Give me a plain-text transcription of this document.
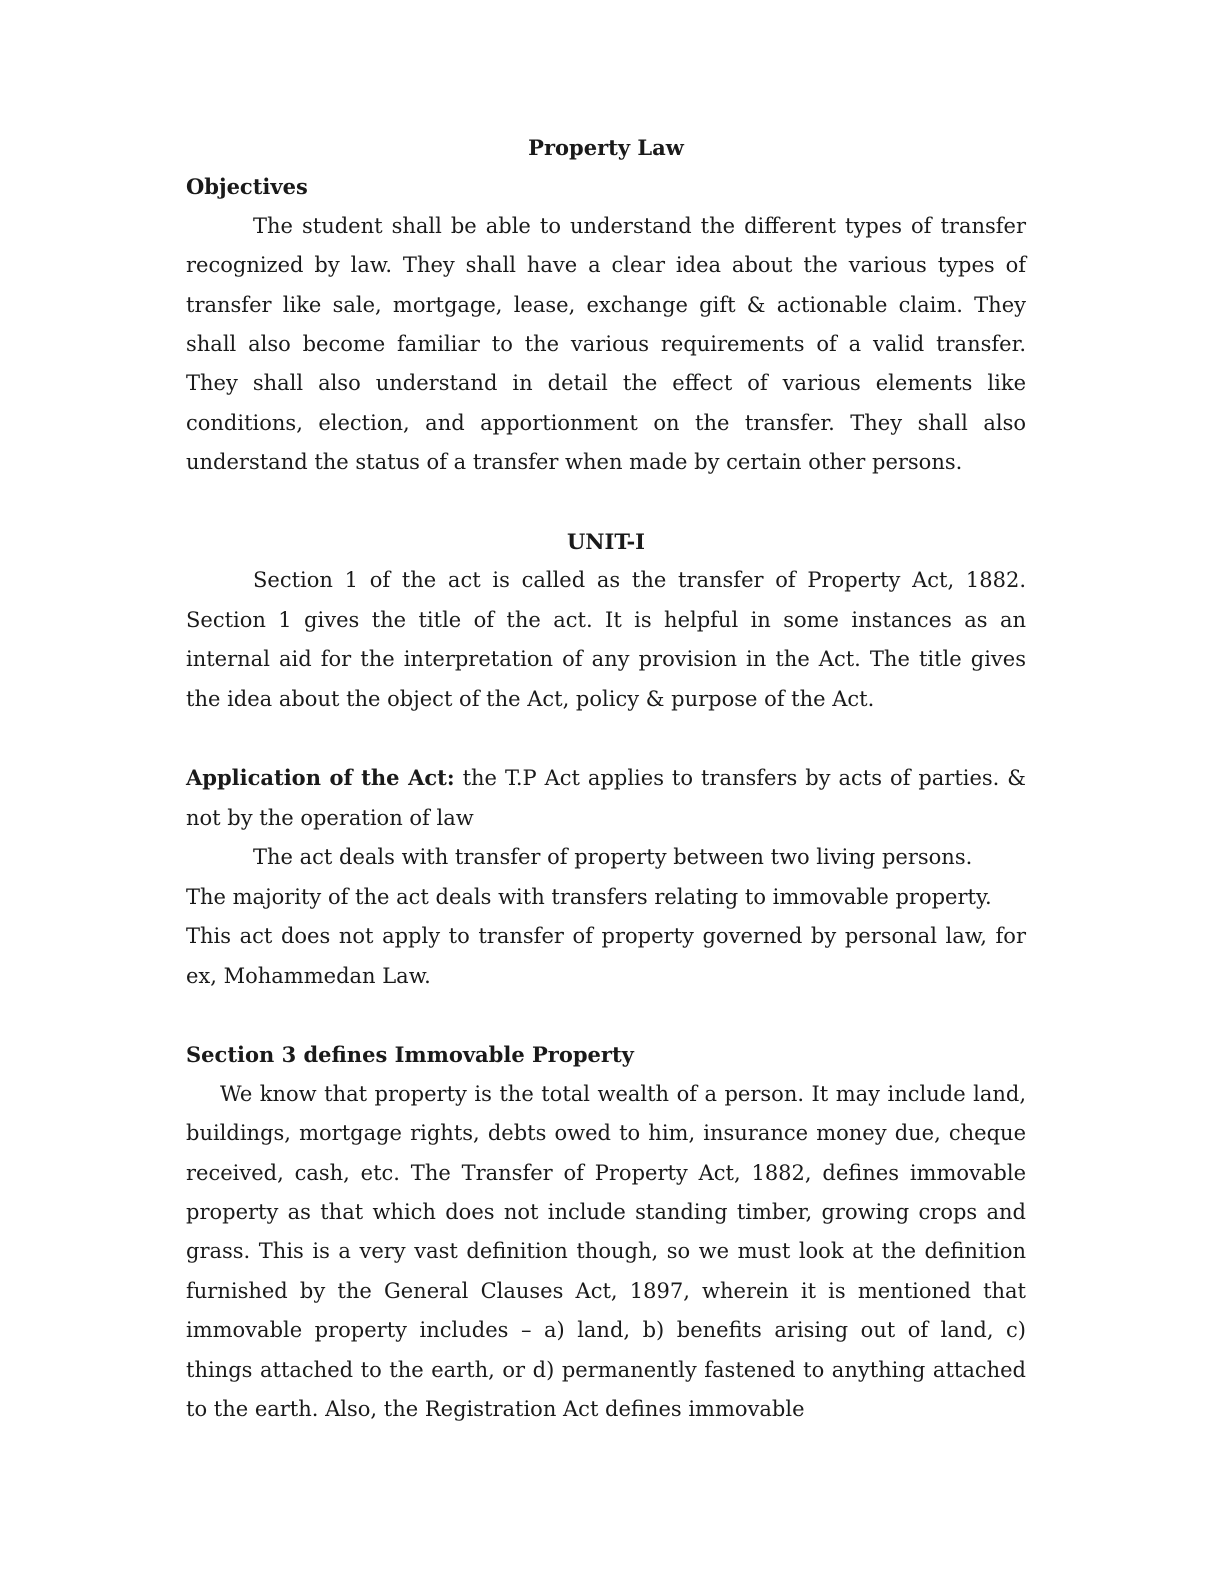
Property Law

Objectives

The student shall be able to understand the different types of transfer recognized by law. They shall have a clear idea about the various types of transfer like sale, mortgage, lease, exchange gift & actionable claim. They shall also become familiar to the various requirements of a valid transfer. They shall also understand in detail the effect of various elements like conditions, election, and apportionment on the transfer. They shall also understand the status of a transfer when made by certain other persons.

UNIT-I

Section 1 of the act is called as the transfer of Property Act, 1882. Section 1 gives the title of the act. It is helpful in some instances as an internal aid for the interpretation of any provision in the Act. The title gives the idea about the object of the Act, policy & purpose of the Act.

Application of the Act: the T.P Act applies to transfers by acts of parties. & not by the operation of law

The act deals with transfer of property between two living persons.

The majority of the act deals with transfers relating to immovable property.

This act does not apply to transfer of property governed by personal law, for ex, Mohammedan Law.

Section 3 defines Immovable Property

We know that property is the total wealth of a person. It may include land, buildings, mortgage rights, debts owed to him, insurance money due, cheque received, cash, etc. The Transfer of Property Act, 1882, defines immovable property as that which does not include standing timber, growing crops and grass. This is a very vast definition though, so we must look at the definition furnished by the General Clauses Act, 1897, wherein it is mentioned that immovable property includes – a) land, b) benefits arising out of land, c) things attached to the earth, or d) permanently fastened to anything attached to the earth. Also, the Registration Act defines immovable
